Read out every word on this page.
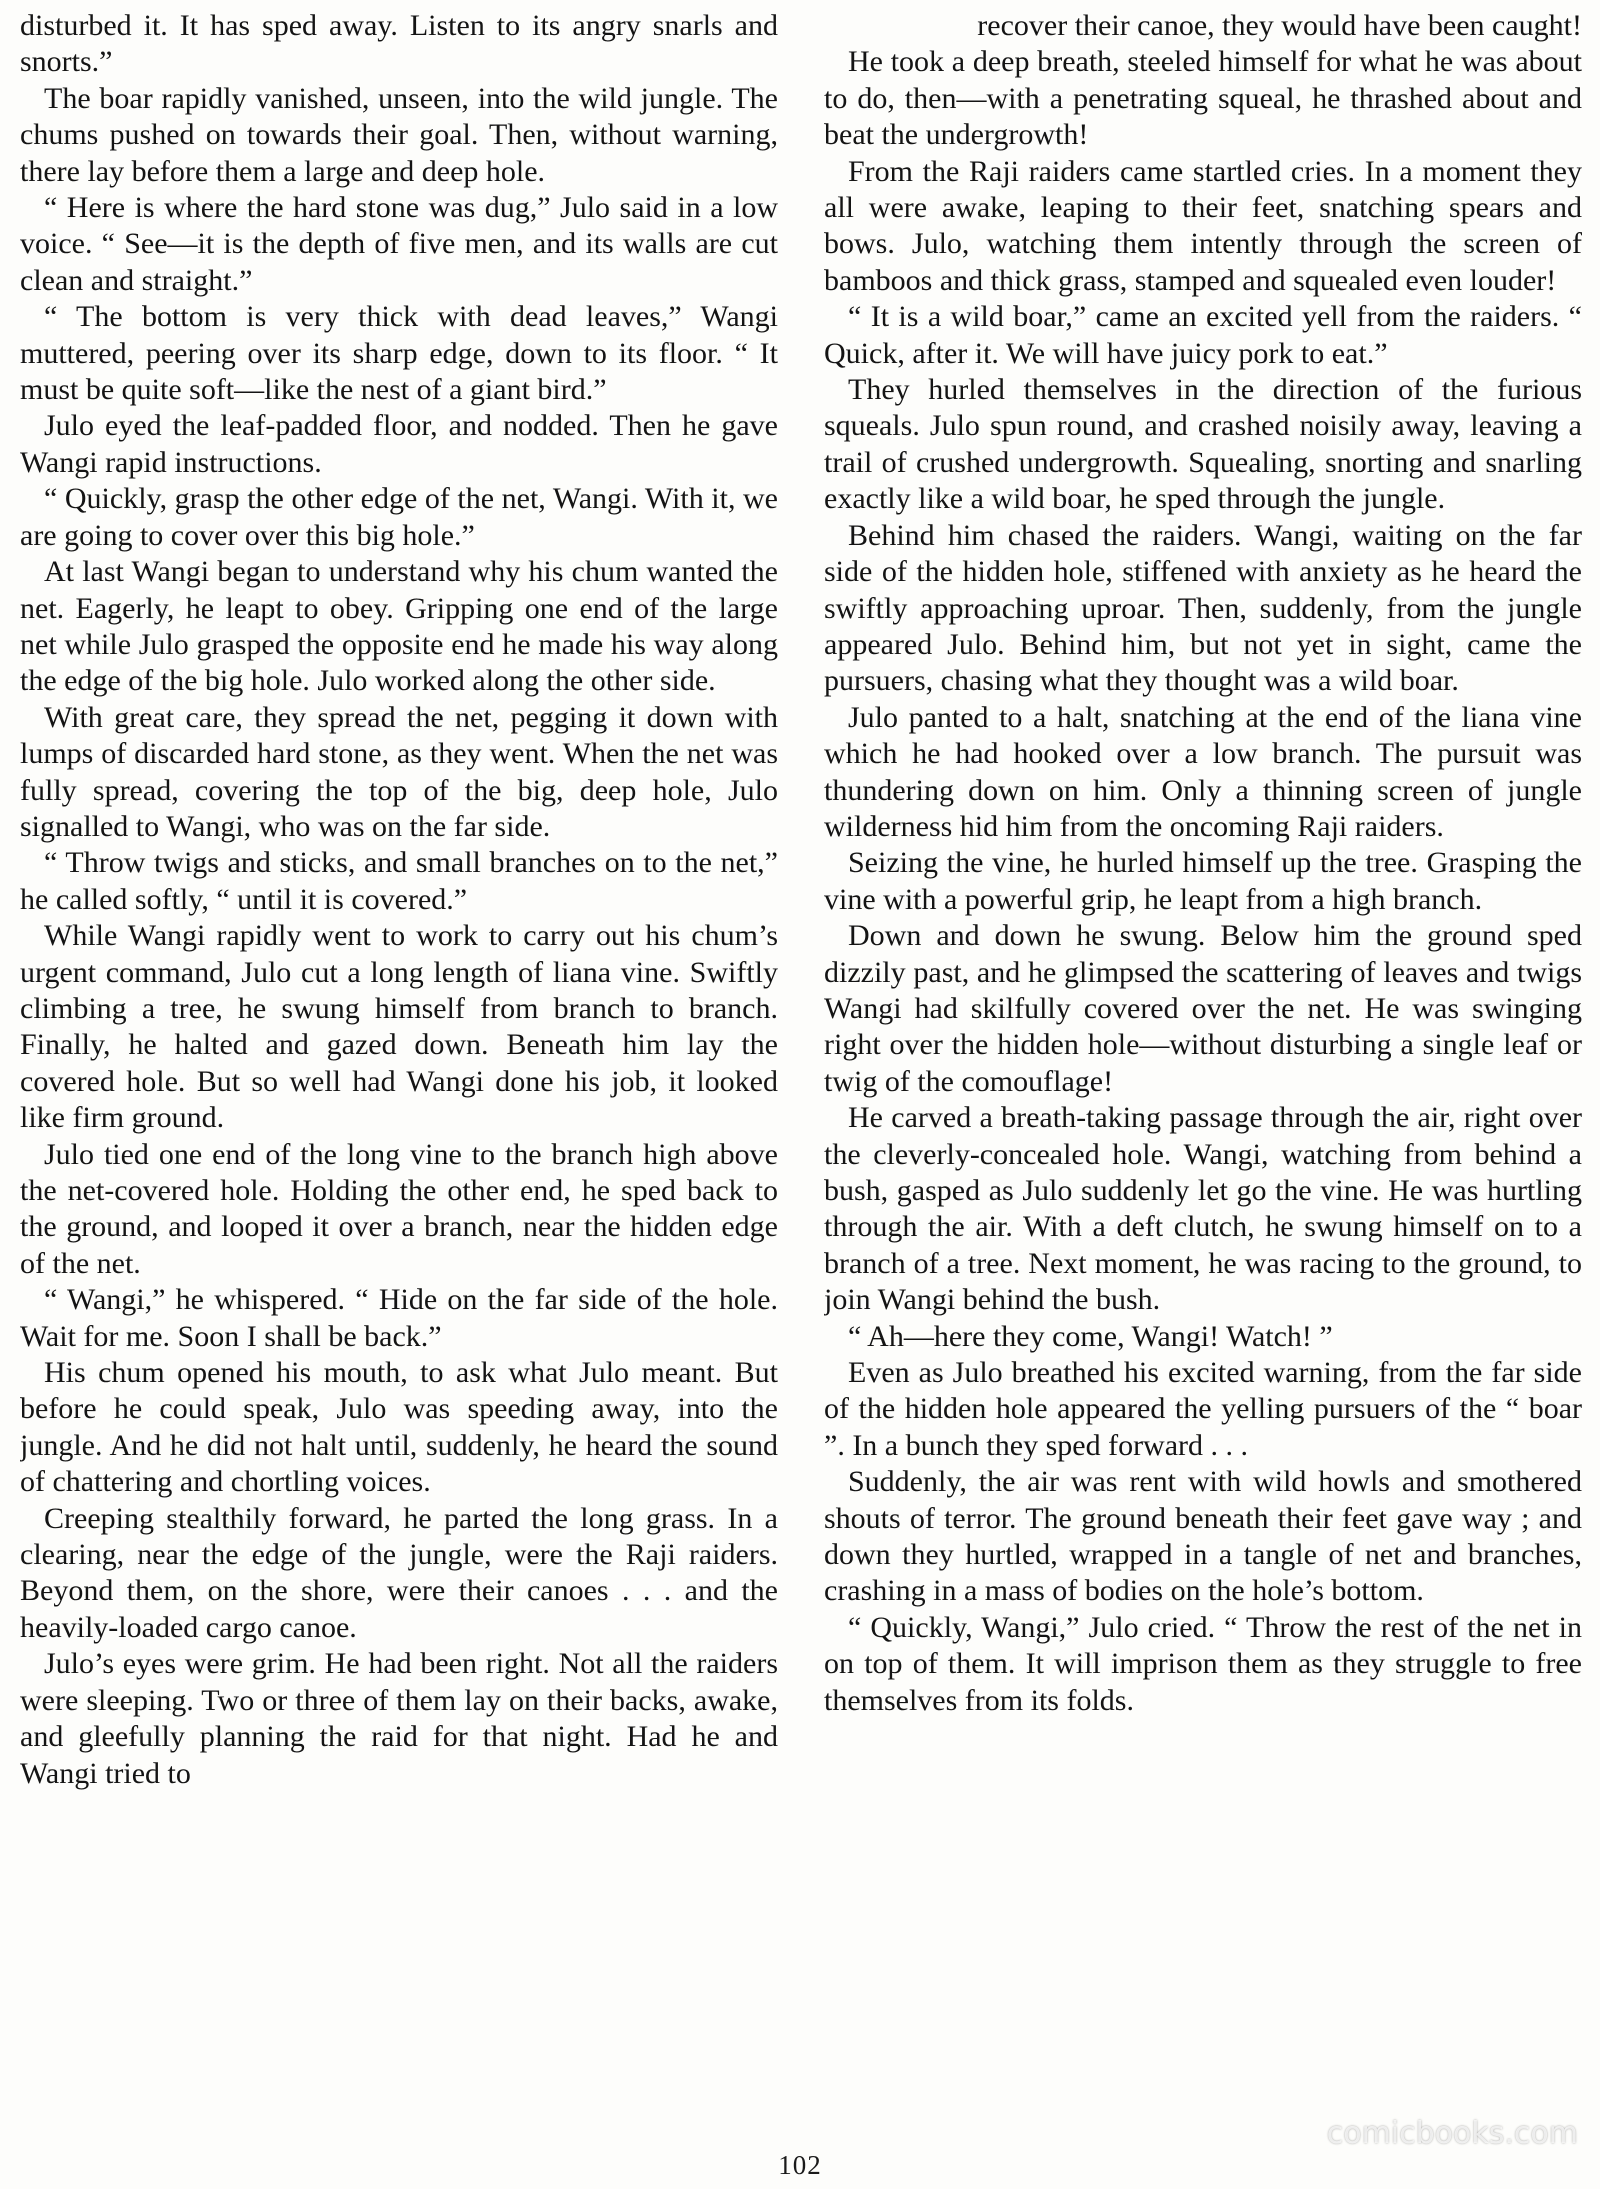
disturbed it. It has sped away. Listen to its angry snarls and snorts.”

The boar rapidly vanished, unseen, into the wild jungle. The chums pushed on towards their goal. Then, without warning, there lay before them a large and deep hole.

“ Here is where the hard stone was dug,” Julo said in a low voice. “ See—it is the depth of five men, and its walls are cut clean and straight.”

“ The bottom is very thick with dead leaves,” Wangi muttered, peering over its sharp edge, down to its floor. “ It must be quite soft—like the nest of a giant bird.”

Julo eyed the leaf-padded floor, and nodded. Then he gave Wangi rapid instructions.

“ Quickly, grasp the other edge of the net, Wangi. With it, we are going to cover over this big hole.”

At last Wangi began to understand why his chum wanted the net. Eagerly, he leapt to obey. Gripping one end of the large net while Julo grasped the opposite end he made his way along the edge of the big hole. Julo worked along the other side.

With great care, they spread the net, pegging it down with lumps of discarded hard stone, as they went. When the net was fully spread, covering the top of the big, deep hole, Julo signalled to Wangi, who was on the far side.

“ Throw twigs and sticks, and small branches on to the net,” he called softly, “ until it is covered.”

While Wangi rapidly went to work to carry out his chum’s urgent command, Julo cut a long length of liana vine. Swiftly climbing a tree, he swung himself from branch to branch. Finally, he halted and gazed down. Beneath him lay the covered hole. But so well had Wangi done his job, it looked like firm ground.

Julo tied one end of the long vine to the branch high above the net-covered hole. Holding the other end, he sped back to the ground, and looped it over a branch, near the hidden edge of the net.

“ Wangi,” he whispered. “ Hide on the far side of the hole. Wait for me. Soon I shall be back.”

His chum opened his mouth, to ask what Julo meant. But before he could speak, Julo was speeding away, into the jungle. And he did not halt until, suddenly, he heard the sound of chattering and chortling voices.

Creeping stealthily forward, he parted the long grass. In a clearing, near the edge of the jungle, were the Raji raiders. Beyond them, on the shore, were their canoes . . . and the heavily-loaded cargo canoe.

Julo’s eyes were grim. He had been right. Not all the raiders were sleeping. Two or three of them lay on their backs, awake, and gleefully planning the raid for that night. Had he and Wangi tried to

recover their canoe, they would have been caught!

He took a deep breath, steeled himself for what he was about to do, then—with a penetrating squeal, he thrashed about and beat the undergrowth!

From the Raji raiders came startled cries. In a moment they all were awake, leaping to their feet, snatching spears and bows. Julo, watching them intently through the screen of bamboos and thick grass, stamped and squealed even louder!

“ It is a wild boar,” came an excited yell from the raiders. “ Quick, after it. We will have juicy pork to eat.”

They hurled themselves in the direction of the furious squeals. Julo spun round, and crashed noisily away, leaving a trail of crushed undergrowth. Squealing, snorting and snarling exactly like a wild boar, he sped through the jungle.

Behind him chased the raiders. Wangi, waiting on the far side of the hidden hole, stiffened with anxiety as he heard the swiftly approaching uproar. Then, suddenly, from the jungle appeared Julo. Behind him, but not yet in sight, came the pursuers, chasing what they thought was a wild boar.

Julo panted to a halt, snatching at the end of the liana vine which he had hooked over a low branch. The pursuit was thundering down on him. Only a thinning screen of jungle wilderness hid him from the oncoming Raji raiders.

Seizing the vine, he hurled himself up the tree. Grasping the vine with a powerful grip, he leapt from a high branch.

Down and down he swung. Below him the ground sped dizzily past, and he glimpsed the scattering of leaves and twigs Wangi had skilfully covered over the net. He was swinging right over the hidden hole—without disturbing a single leaf or twig of the comouflage!

He carved a breath-taking passage through the air, right over the cleverly-concealed hole. Wangi, watching from behind a bush, gasped as Julo suddenly let go the vine. He was hurtling through the air. With a deft clutch, he swung himself on to a branch of a tree. Next moment, he was racing to the ground, to join Wangi behind the bush.

“ Ah—here they come, Wangi! Watch! ”

Even as Julo breathed his excited warning, from the far side of the hidden hole appeared the yelling pursuers of the “ boar ”. In a bunch they sped forward . . .

Suddenly, the air was rent with wild howls and smothered shouts of terror. The ground beneath their feet gave way ; and down they hurtled, wrapped in a tangle of net and branches, crashing in a mass of bodies on the hole’s bottom.

“ Quickly, Wangi,” Julo cried. “ Throw the rest of the net in on top of them. It will imprison them as they struggle to free themselves from its folds.

102
comicbooks.com
